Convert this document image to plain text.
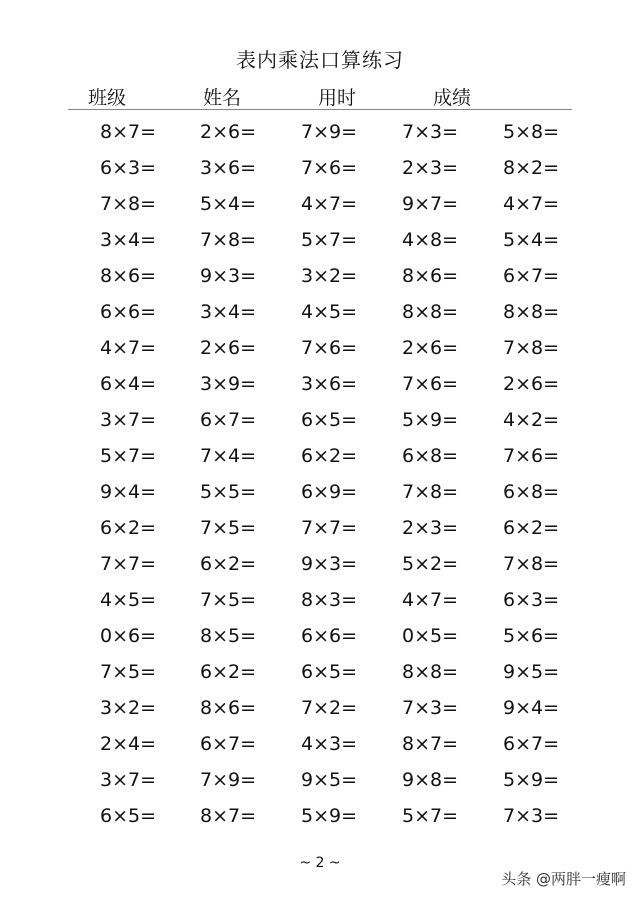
表内乘法口算练习
班级	姓名	用时	成绩
8×7= 2×6= 7×9= 7×3= 5×8=
6×3= 3×6= 7×6= 2×3= 8×2=
7×8= 5×4= 4×7= 9×7= 4×7=
3×4= 7×8= 5×7= 4×8= 5×4=
8×6= 9×3= 3×2= 8×6= 6×7=
6×6= 3×4= 4×5= 8×8= 8×8=
4×7= 2×6= 7×6= 2×6= 7×8=
6×4= 3×9= 3×6= 7×6= 2×6=
3×7= 6×7= 6×5= 5×9= 4×2=
5×7= 7×4= 6×2= 6×8= 7×6=
9×4= 5×5= 6×9= 7×8= 6×8=
6×2= 7×5= 7×7= 2×3= 6×2=
7×7= 6×2= 9×3= 5×2= 7×8=
4×5= 7×5= 8×3= 4×7= 6×3=
0×6= 8×5= 6×6= 0×5= 5×6=
7×5= 6×2= 6×5= 8×8= 9×5=
3×2= 8×6= 7×2= 7×3= 9×4=
2×4= 6×7= 4×3= 8×7= 6×7=
3×7= 7×9= 9×5= 9×8= 5×9=
6×5= 8×7= 5×9= 5×7= 7×3=
~ 2 ~
头条 @两胖一瘦啊
